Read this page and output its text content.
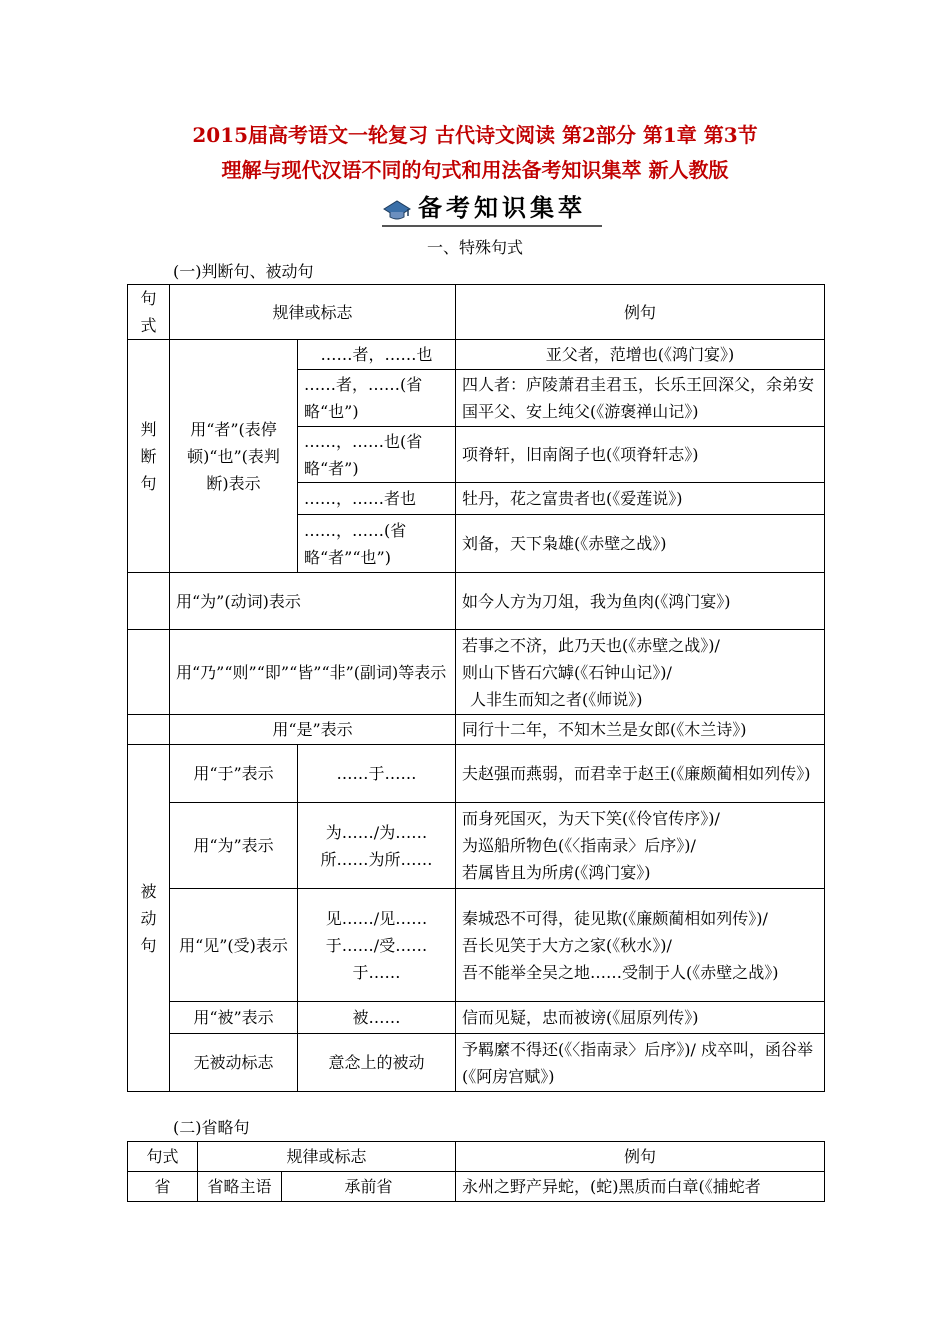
2015届高考语文一轮复习 古代诗文阅读 第2部分 第1章 第3节
理解与现代汉语不同的句式和用法备考知识集萃 新人教版
备考知识集萃
一、特殊句式
(一)判断句、被动句
句式	规律或标志		例句
判断句	用“者”(表停顿)“也”(表判断)表示	……者，……也	亚父者，范增也(《鸿门宴》)
		……者，……(省略“也”)	四人者：庐陵萧君圭君玉，长乐王回深父，余弟安国平父、安上纯父(《游褒禅山记》)
		……，……也(省略“者”)	项脊轩，旧南阁子也(《项脊轩志》)
		……，……者也	牡丹，花之富贵者也(《爱莲说》)
		……，……(省略“者”“也”)	刘备，天下枭雄(《赤壁之战》)
	用“为”(动词)表示		如今人方为刀俎，我为鱼肉(《鸿门宴》)
	用“乃”“则”“即”“皆”“非”(副词)等表示		若事之不济，此乃天也(《赤壁之战》)/
则山下皆石穴罅(《石钟山记》)/
人非生而知之者(《师说》)

	用“是”表示		同行十二年，不知木兰是女郎(《木兰诗》)
被动句	用“于”表示	……于……	夫赵强而燕弱，而君幸于赵王(《廉颇蔺相如列传》)
	用“为”表示	为……/为……所……为所……	而身死国灭，为天下笑(《伶官传序》)/
为巡船所物色(《〈指南录〉后序》)/
若属皆且为所虏(《鸿门宴》)

	用“见”(受)表示	见……/见……于……/受……于……	秦城恐不可得，徒见欺(《廉颇蔺相如列传》)/
吾长见笑于大方之家(《秋水》)/
吾不能举全吴之地……受制于人(《赤壁之战》)

	用“被”表示	被……	信而见疑，忠而被谤(《屈原列传》)
	无被动标志	意念上的被动	予羁縻不得还(《〈指南录〉后序》)/ 戍卒叫，函谷举(《阿房宫赋》)
(二)省略句
句式	规律或标志		例句
省	省略主语	承前省	永州之野产异蛇，(蛇)黑质而白章(《捕蛇者
